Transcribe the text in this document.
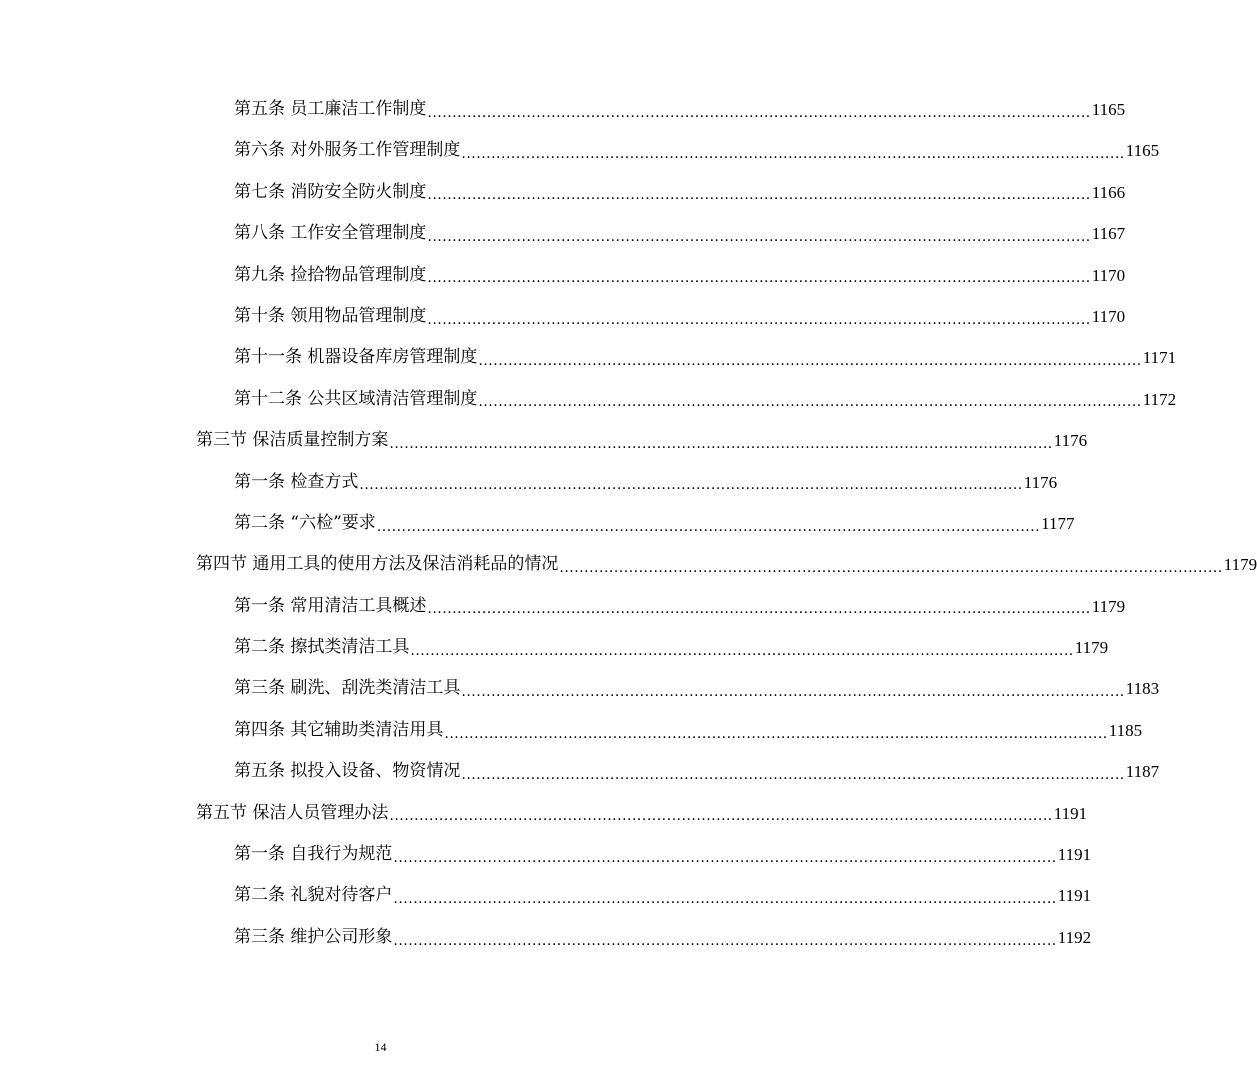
第五条 员工廉洁工作制度 ...................................................................................................................................... 1165
第六条 对外服务工作管理制度 ...................................................................................................................................... 1165
第七条 消防安全防火制度 ...................................................................................................................................... 1166
第八条 工作安全管理制度 ...................................................................................................................................... 1167
第九条 捡拾物品管理制度 ...................................................................................................................................... 1170
第十条 领用物品管理制度 ...................................................................................................................................... 1170
第十一条 机器设备库房管理制度 ...................................................................................................................................... 1171
第十二条 公共区域清洁管理制度 ...................................................................................................................................... 1172
第三节 保洁质量控制方案 ...................................................................................................................................... 1176
第一条 检查方式 ...................................................................................................................................... 1176
第二条 “六检”要求 ...................................................................................................................................... 1177
第四节 通用工具的使用方法及保洁消耗品的情况 ...................................................................................................................................... 1179
第一条 常用清洁工具概述 ...................................................................................................................................... 1179
第二条 擦拭类清洁工具 ...................................................................................................................................... 1179
第三条 刷洗、刮洗类清洁工具 ...................................................................................................................................... 1183
第四条 其它辅助类清洁用具 ...................................................................................................................................... 1185
第五条 拟投入设备、物资情况 ...................................................................................................................................... 1187
第五节 保洁人员管理办法 ...................................................................................................................................... 1191
第一条 自我行为规范 ...................................................................................................................................... 1191
第二条 礼貌对待客户 ...................................................................................................................................... 1191
第三条 维护公司形象 ...................................................................................................................................... 1192
14
